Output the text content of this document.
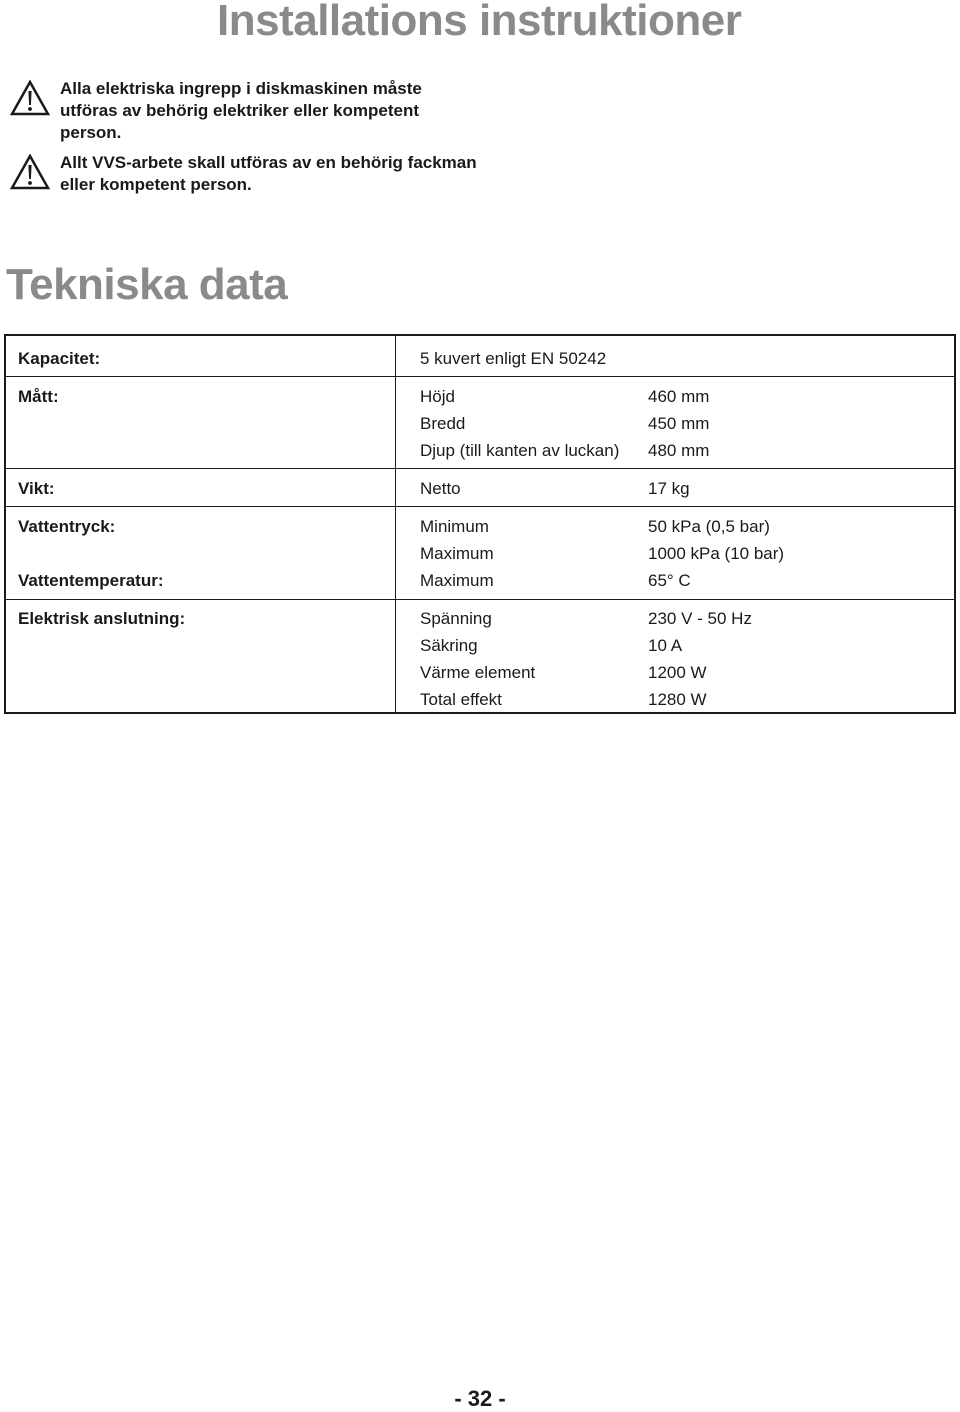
Installations instruktioner
Alla elektriska ingrepp i diskmaskinen måste utföras av behörig elektriker eller kompetent person.
Allt VVS-arbete skall utföras av en behörig fackman eller kompetent person.
Tekniska data
Kapacitet:	5 kuvert enligt EN 50242
Mått:	Höjd	460 mm
Bredd	450 mm
Djup (till kanten av luckan) 480 mm
Vikt:	Netto	17 kg
Vattentryck:	Minimum	50 kPa (0,5 bar)
Maximum	1000 kPa (10 bar)
Vattentemperatur:	Maximum	65° C
Elektrisk anslutning:	Spänning	230 V - 50 Hz
Säkring	10 A
Värme element	1200 W
Total effekt	1280 W
- 32 -
